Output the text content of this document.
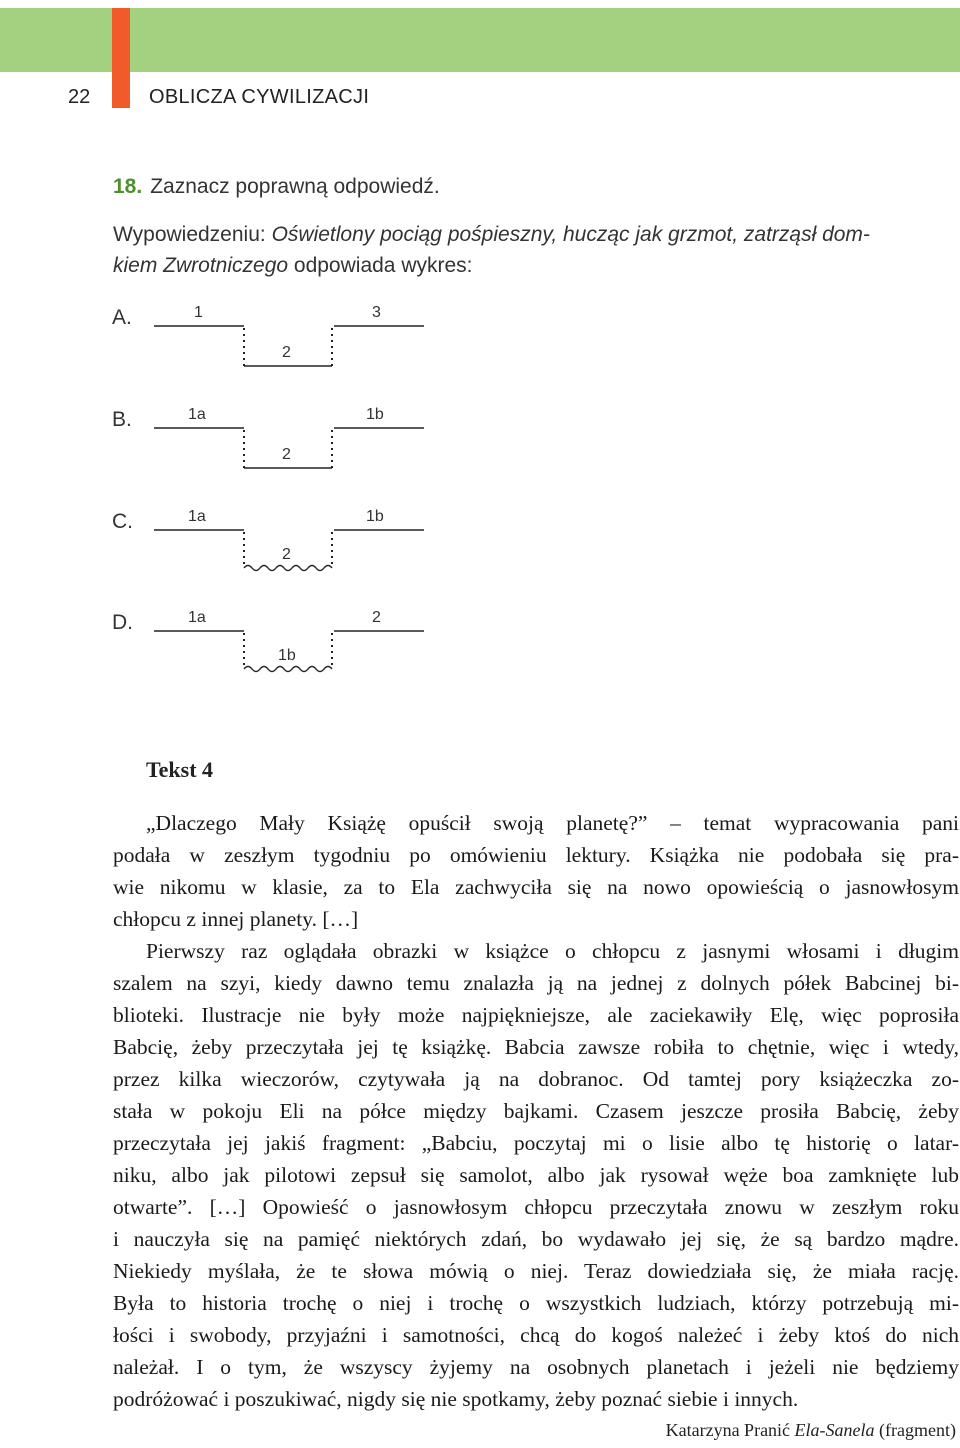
22	OBLICZA CYWILIZACJI
18. Zaznacz poprawną odpowiedź.
Wypowiedzeniu: Oświetlony pociąg pośpieszny, hucząc jak grzmot, zatrząsł dom-
kiem Zwrotniczego odpowiada wykres:
A.	1	3
2
B.	1a	1b
2
C.	1a	1b
2
D.	1a	2
1b
Tekst 4
„Dlaczego Mały Książę opuścił swoją planetę?” – temat wypracowania pani
podała w zeszłym tygodniu po omówieniu lektury. Książka nie podobała się pra-
wie nikomu w klasie, za to Ela zachwyciła się na nowo opowieścią o jasnowłosym
chłopcu z innej planety. […]
Pierwszy raz oglądała obrazki w książce o chłopcu z jasnymi włosami i długim
szalem na szyi, kiedy dawno temu znalazła ją na jednej z dolnych półek Babcinej bi-
blioteki. Ilustracje nie były może najpiękniejsze, ale zaciekawiły Elę, więc poprosiła
Babcię, żeby przeczytała jej tę książkę. Babcia zawsze robiła to chętnie, więc i wtedy,
przez kilka wieczorów, czytywała ją na dobranoc. Od tamtej pory książeczka zo-
stała w pokoju Eli na półce między bajkami. Czasem jeszcze prosiła Babcię, żeby
przeczytała jej jakiś fragment: „Babciu, poczytaj mi o lisie albo tę historię o latar-
niku, albo jak pilotowi zepsuł się samolot, albo jak rysował węże boa zamknięte lub
otwarte”. […] Opowieść o jasnowłosym chłopcu przeczytała znowu w zeszłym roku
i nauczyła się na pamięć niektórych zdań, bo wydawało jej się, że są bardzo mądre.
Niekiedy myślała, że te słowa mówią o niej. Teraz dowiedziała się, że miała rację.
Była to historia trochę o niej i trochę o wszystkich ludziach, którzy potrzebują mi-
łości i swobody, przyjaźni i samotności, chcą do kogoś należeć i żeby ktoś do nich
należał. I o tym, że wszyscy żyjemy na osobnych planetach i jeżeli nie będziemy
podróżować i poszukiwać, nigdy się nie spotkamy, żeby poznać siebie i innych.
Katarzyna Pranić Ela-Sanela (fragment)
